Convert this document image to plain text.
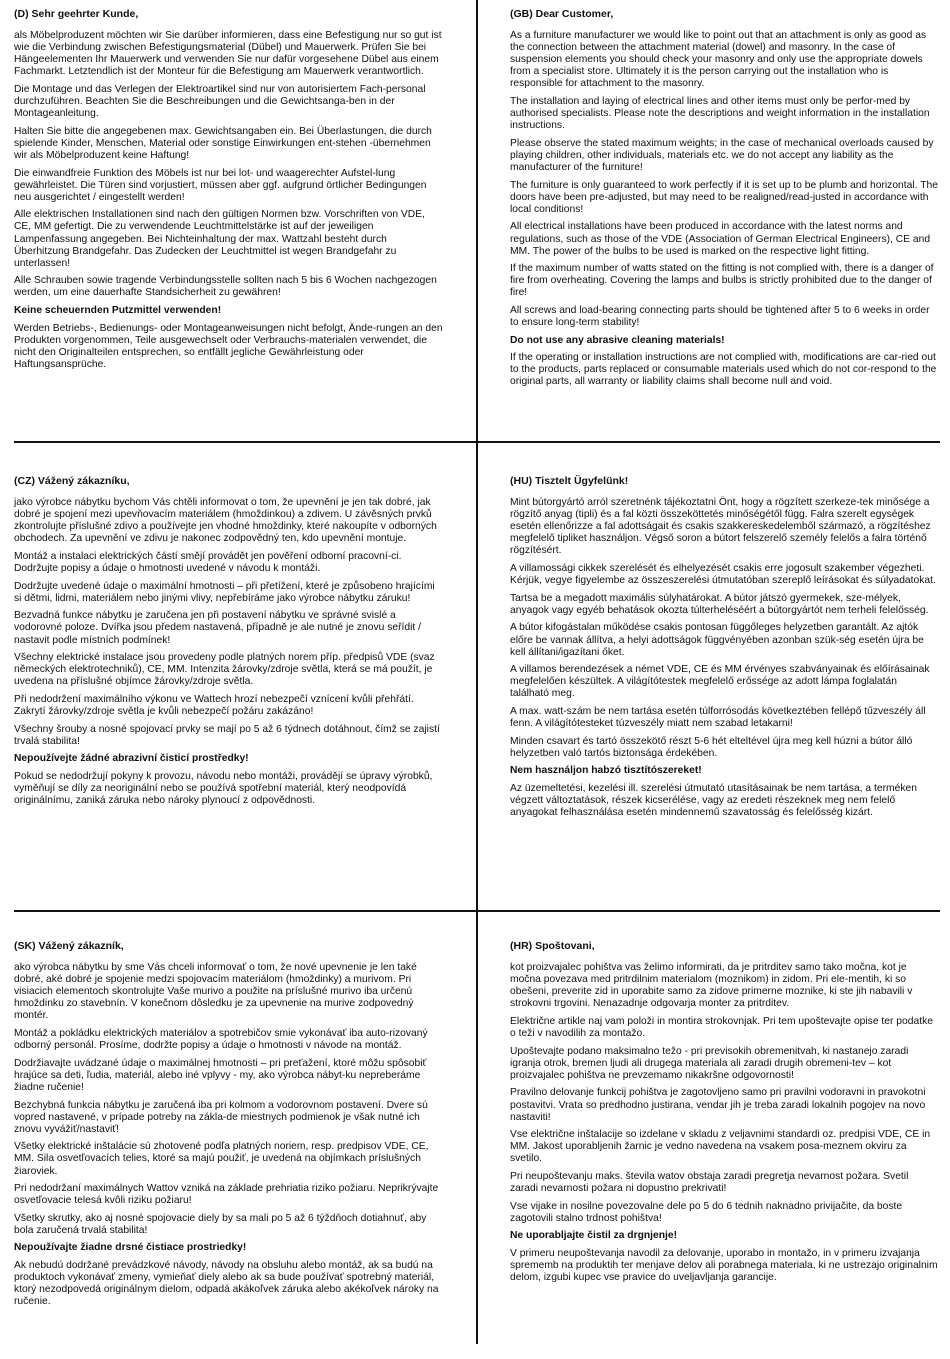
(D) Sehr geehrter Kunde,

als Möbelproduzent möchten wir Sie darüber informieren, dass eine Befestigung nur so gut ist wie die Verbindung zwischen Befestigungsmaterial (Dübel) und Mauerwerk. Prüfen Sie bei Hängeelementen Ihr Mauerwerk und verwenden Sie nur dafür vorgesehene Dübel aus einem Fachmarkt. Letztendlich ist der Monteur für die Befestigung am Mauerwerk verantwortlich.

Die Montage und das Verlegen der Elektroartikel sind nur von autorisiertem Fach-personal durchzuführen. Beachten Sie die Beschreibungen und die Gewichtsanga-ben in der Montageanleitung.

Halten Sie bitte die angegebenen max. Gewichtsangaben ein. Bei Überlastungen, die durch spielende Kinder, Menschen, Material oder sonstige Einwirkungen ent-stehen -übernehmen wir als Möbelproduzent keine Haftung!

Die einwandfreie Funktion des Möbels ist nur bei lot- und waagerechter Aufstel-lung gewährleistet. Die Türen sind vorjustiert, müssen aber ggf. aufgrund örtlicher Bedingungen neu ausgerichtet / eingestellt werden!

Alle elektrischen Installationen sind nach den gültigen Normen bzw. Vorschriften von VDE, CE, MM gefertigt. Die zu verwendende Leuchtmittelstärke ist auf der jeweiligen Lampenfassung angegeben. Bei Nichteinhaltung der max. Wattzahl besteht durch Überhitzung Brandgefahr. Das Zudecken der Leuchtmittel ist wegen Brandgefahr zu unterlassen!

Alle Schrauben sowie tragende Verbindungsstelle sollten nach 5 bis 6 Wochen nachgezogen werden, um eine dauerhafte Standsicherheit zu gewähren!

Keine scheuernden Putzmittel verwenden!

Werden Betriebs-, Bedienungs- oder Montageanweisungen nicht befolgt, Ände-rungen an den Produkten vorgenommen, Teile ausgewechselt oder Verbrauchs-materialen verwendet, die nicht den Originalteilen entsprechen, so entfällt jegliche Gewährleistung oder Haftungsansprüche.

(GB) Dear Customer,

As a furniture manufacturer we would like to point out that an attachment is only as good as the connection between the attachment material (dowel) and masonry. In the case of suspension elements you should check your masonry and only use the appropriate dowels from a specialist store. Ultimately it is the person carrying out the installation who is responsible for attachment to the masonry.

The installation and laying of electrical lines and other items must only be perfor-med by authorised specialists. Please note the descriptions and weight information in the installation instructions.

Please observe the stated maximum weights; in the case of mechanical overloads caused by playing children, other individuals, materials etc. we do not accept any liability as the manufacturer of the furniture!

The furniture is only guaranteed to work perfectly if it is set up to be plumb and horizontal. The doors have been pre-adjusted, but may need to be realigned/read-justed in accordance with local conditions!

All electrical installations have been produced in accordance with the latest norms and regulations, such as those of the VDE (Association of German Electrical Engineers), CE and MM. The power of the bulbs to be used is marked on the respective light fitting.

If the maximum number of watts stated on the fitting is not complied with, there is a danger of fire from overheating. Covering the lamps and bulbs is strictly prohibited due to the danger of fire!

All screws and load-bearing connecting parts should be tightened after 5 to 6 weeks in order to ensure long-term stability!

Do not use any abrasive cleaning materials!

If the operating or installation instructions are not complied with, modifications are car-ried out to the products, parts replaced or consumable materials used which do not cor-respond to the original parts, all warranty or liability claims shall become null and void.

(CZ) Vážený zákazníku,

jako výrobce nábytku bychom Vás chtěli informovat o tom, že upevnění je jen tak dobré, jak dobré je spojení mezi upevňovacím materiálem (hmoždinkou) a zdivem. U závěsných prvků zkontrolujte příslušné zdivo a používejte jen vhodné hmoždinky, které nakoupíte v odborných obchodech. Za upevnění ve zdivu je nakonec zodpovědný ten, kdo upevnění montuje.

Montáž a instalaci elektrických částí smějí provádět jen pověření odborní pracovní-ci. Dodržujte popisy a údaje o hmotnosti uvedené v návodu k montáži.

Dodržujte uvedené údaje o maximální hmotnosti – při přetížení, které je způsobeno hrajícími si dětmi, lidmi, materiálem nebo jinými vlivy, nepřebíráme jako výrobce nábytku záruku!

Bezvadná funkce nábytku je zaručena jen při postavení nábytku ve správné svislé a vodorovné poloze. Dvířka jsou předem nastavená, případně je ale nutné je znovu seřídit / nastavit podle místních podmínek!

Všechny elektrické instalace jsou provedeny podle platných norem příp. předpisů VDE (svaz německých elektrotechniků), CE, MM. Intenzita žárovky/zdroje světla, která se má použít, je uvedena na příslušné objímce žárovky/zdroje světla.

Při nedodržení maximálního výkonu ve Wattech hrozí nebezpečí vznícení kvůli přehřátí. Zakrytí žárovky/zdroje světla je kvůli nebezpečí požáru zakázáno!

Všechny šrouby a nosné spojovací prvky se mají po 5 až 6 týdnech dotáhnout, čímž se zajistí trvalá stabilita!

Nepoužívejte žádné abrazivní čisticí prostředky!

Pokud se nedodržují pokyny k provozu, návodu nebo montáži, provádějí se úpravy výrobků, vyměňují se díly za neoriginální nebo se používá spotřební materiál, který neodpovídá originálnímu, zaniká záruka nebo nároky plynoucí z odpovědnosti.

(HU) Tisztelt Ügyfelünk!

Mint bútorgyártó arról szeretnénk tájékoztatni Önt, hogy a rögzített szerkeze-tek minősége a rögzítő anyag (tipli) és a fal közti összeköttetés minőségétől függ. Falra szerelt egységek esetén ellenőrizze a fal adottságait és csakis szakkereskedelemből származó, a rögzítéshez megfelelő tipliket használjon. Végső soron a bútort felszerelő személy felelős a falra történő rögzítésért.

A villamossági cikkek szerelését és elhelyezését csakis erre jogosult szakember végezheti. Kérjük, vegye figyelembe az összeszerelési útmutatóban szereplő leírásokat és súlyadatokat.

Tartsa be a megadott maximális súlyhatárokat. A bútor játszó gyermekek, sze-mélyek, anyagok vagy egyéb behatások okozta túlterheléséért a bútorgyártót nem terheli felelősség.

A bútor kifogástalan működése csakis pontosan függőleges helyzetben garantált. Az ajtók előre be vannak állítva, a helyi adottságok függvényében azonban szük-ség esetén újra be kell állítani/igazítani őket.

A villamos berendezések a német VDE, CE és MM érvényes szabványainak és előírásainak megfelelően készültek. A világítótestek megfelelő erőssége az adott lámpa foglalatán található meg.

A max. watt-szám be nem tartása esetén túlforrósodás következtében fellépő tűzveszély áll fenn. A világítótesteket túzveszély miatt nem szabad letakarni!

Minden csavart és tartó összekötő részt 5-6 hét elteltével újra meg kell húzni a bútor álló helyzetben való tartós biztonsága érdekében.

Nem használjon habzó tisztítószereket!

Az üzemeltetési, kezelési ill. szerelési útmutató utasításainak be nem tartása, a terméken végzett változtatások, részek kicserélése, vagy az eredeti részeknek meg nem felelő anyagokat felhasználása esetén mindennemű szavatosság és felelősség kizárt.

(SK) Vážený zákazník,

ako výrobca nábytku by sme Vás chceli informovať o tom, že nové upevnenie je len také dobré, aké dobré je spojenie medzi spojovacím materiálom (hmoždinky) a murivom. Pri visiacich elementoch skontrolujte Vaše murivo a použite na príslušné murivo iba určenú hmoždinku zo stavebnín. V konečnom dôsledku je za upevnenie na murive zodpovedný montér.

Montáž a pokládku elektrických materiálov a spotrebičov smie vykonávať iba auto-rizovaný odborný personál. Prosíme, dodržte popisy a údaje o hmotnosti v návode na montáž.

Dodržiavajte uvádzané údaje o maximálnej hmotnosti – pri preťažení, ktoré môžu spôsobiť hrajúce sa deti, ľudia, materiál, alebo iné vplyvy - my, ako výrobca nábyt-ku nepreberáme žiadne ručenie!

Bezchybná funkcia nábytku je zaručená iba pri kolmom a vodorovnom postavení. Dvere sú vopred nastavené, v prípade potreby na zákla-de miestnych podmienok je však nutné ich znovu vyvážiť/nastaviť!

Všetky elektrické inštalácie sú zhotovené podľa platných noriem, resp. predpisov VDE, CE, MM. Sila osvetľovacích telies, ktoré sa majú použiť, je uvedená na objímkach príslušných žiaroviek.

Pri nedodržaní maximálnych Wattov vzniká na základe prehriatia riziko požiaru. Neprikrývajte osvetľovacie telesá kvôli riziku požiaru!

Všetky skrutky, ako aj nosné spojovacie diely by sa mali po 5 až 6 týždňoch dotiahnuť, aby bola zaručená trvalá stabilita!

Nepoužívajte žiadne drsné čistiace prostriedky!

Ak nebudú dodržané prevádzkové návody, návody na obsluhu alebo montáž, ak sa budú na produktoch vykonávať zmeny, vymieňať diely alebo ak sa bude používať spotrebný materiál, ktorý nezodpovedá originálnym dielom, odpadá akákoľvek záruka alebo akékoľvek nároky na ručenie.

(HR) Spoštovani,

kot proizvajalec pohištva vas želimo informirati, da je pritrditev samo tako močna, kot je močna povezava med pritrdilnim materialom (moznikom) in zidom. Pri ele-mentih, ki so obešeni, preverite zid in uporabite samo za zidove primerne moznike, ki ste jih nabavili v strokovni trgovini. Nenazadnje odgovarja monter za pritrditev.

Električne artikle naj vam položi in montira strokovnjak. Pri tem upoštevajte opise ter podatke o teži v navodilih za montažo.

Upoštevajte podano maksimalno težo - pri previsokih obremenitvah, ki nastanejo zaradi igranja otrok, bremen ljudi ali drugega materiala ali zaradi drugih obremeni-tev – kot proizvajalec pohištva ne prevzemamo nikakršne odgovornosti!

Pravilno delovanje funkcij pohištva je zagotovljeno samo pri pravilni vodoravni in pravokotni postavitvi. Vrata so predhodno justirana, vendar jih je treba zaradi lokalnih pogojev na novo nastaviti!

Vse električne inštalacije so izdelane v skladu z veljavnimi standardi oz. predpisi VDE, CE in MM. Jakost uporabljenih žarnic je vedno navedena na vsakem posa-meznem okviru za svetilo.

Pri neupoštevanju maks. števila watov obstaja zaradi pregretja nevarnost požara. Svetil zaradi nevarnosti požara ni dopustno prekrivati!

Vse vijake in nosilne povezovalne dele po 5 do 6 tednih naknadno privijačite, da boste zagotovili stalno trdnost pohištva!

Ne uporabljajte čistil za drgnjenje!

V primeru neupoštevanja navodil za delovanje, uporabo in montažo, in v primeru izvajanja sprememb na produktih ter menjave delov ali porabnega materiala, ki ne ustrezajo originalnim delom, izgubi kupec vse pravice do uveljavljanja garancije.
